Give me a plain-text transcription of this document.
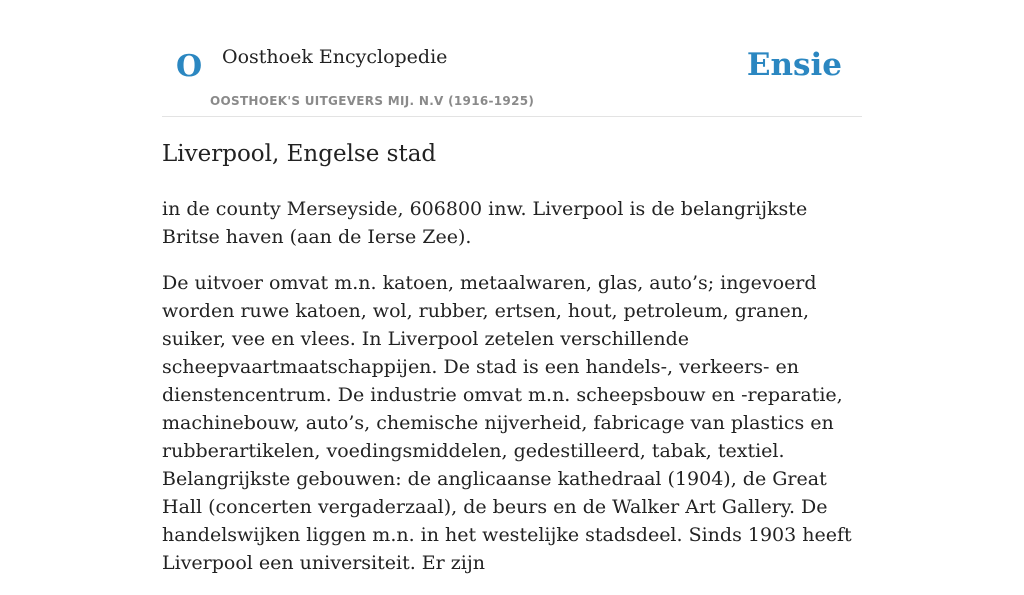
O Oosthoek Encyclopedie
OOSTHOEK'S UITGEVERS MIJ. N.V (1916-1925)
Ensie
Liverpool, Engelse stad

in de county Merseyside, 606800 inw. Liverpool is de belangrijkste Britse haven (aan de Ierse Zee).

De uitvoer omvat m.n. katoen, metaalwaren, glas, auto’s; ingevoerd worden ruwe katoen, wol, rubber, ertsen, hout, petroleum, granen, suiker, vee en vlees. In Liverpool zetelen verschillende scheepvaartmaatschappijen. De stad is een handels-, verkeers- en dienstencentrum. De industrie omvat m.n. scheepsbouw en -reparatie, machinebouw, auto’s, chemische nijverheid, fabricage van plastics en rubberartikelen, voedingsmiddelen, gedestilleerd, tabak, textiel. Belangrijkste gebouwen: de anglicaanse kathedraal (1904), de Great Hall (concerten vergaderzaal), de beurs en de Walker Art Gallery. De handelswijken liggen m.n. in het westelijke stadsdeel. Sinds 1903 heeft Liverpool een universiteit. Er zijn
